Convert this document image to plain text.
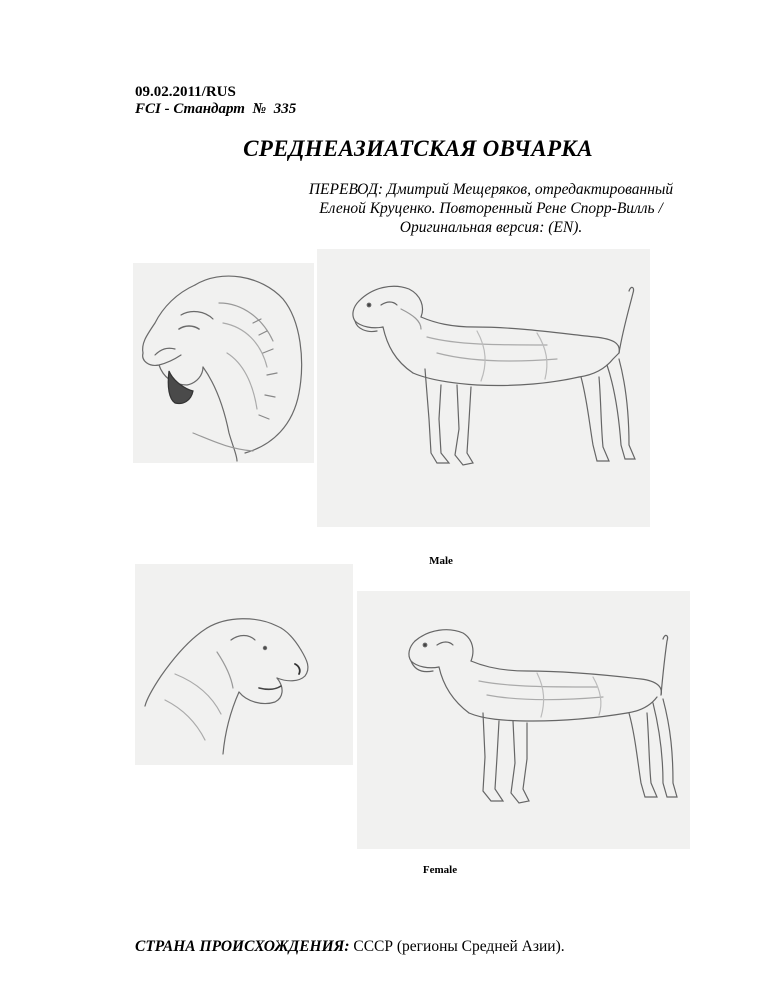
09.02.2011/RUS
FCI - Стандарт  №  335
СРЕДНЕАЗИАТСКАЯ ОВЧАРКА
ПЕРЕВОД: Дмитрий Мещеряков, отредактированный
Еленой Круценко. Повторенный Рене Спорр-Вилль /
Оригинальная версия: (EN).
Male
Female
СТРАНА ПРОИСХОЖДЕНИЯ: СССР (регионы Средней Азии).
